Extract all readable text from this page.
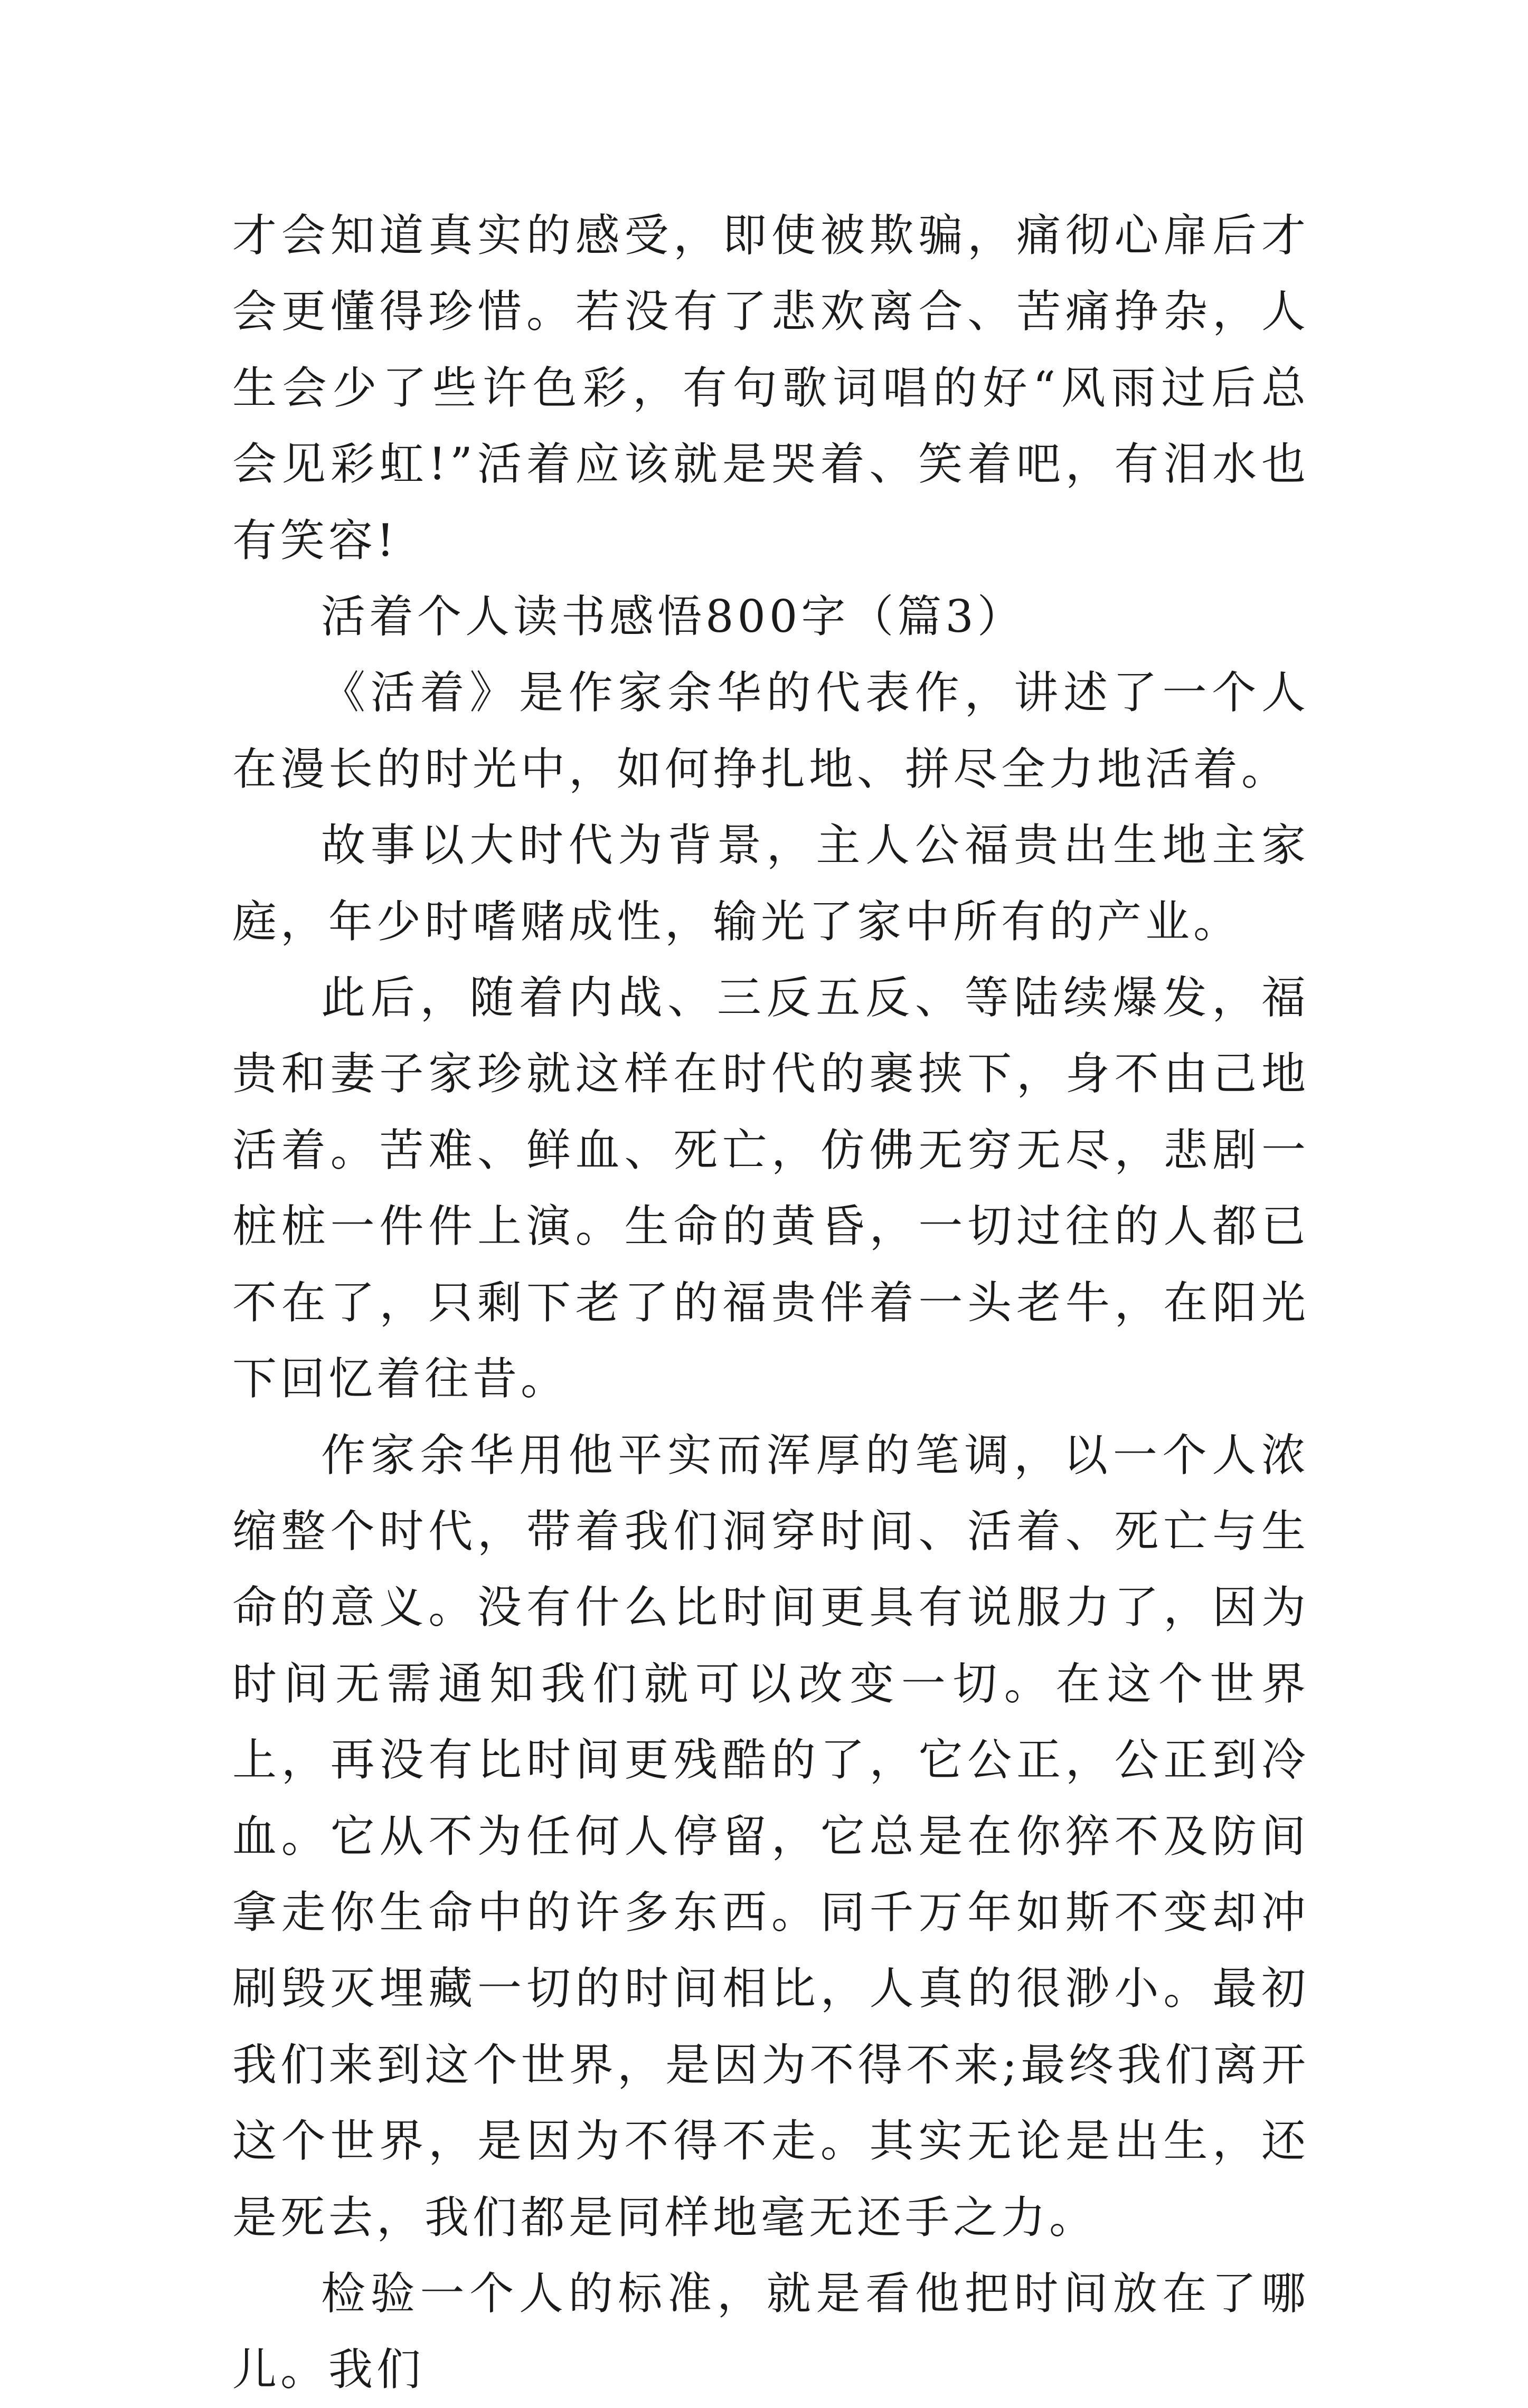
才会知道真实的感受，即使被欺骗，痛彻心扉后才会更懂得珍惜。若没有了悲欢离合、苦痛挣杂，人生会少了些许色彩，有句歌词唱的好“风雨过后总会见彩虹!”活着应该就是哭着、笑着吧，有泪水也有笑容!

活着个人读书感悟800字（篇3）

《活着》是作家余华的代表作，讲述了一个人在漫长的时光中，如何挣扎地、拼尽全力地活着。

故事以大时代为背景，主人公福贵出生地主家庭，年少时嗜赌成性，输光了家中所有的产业。

此后，随着内战、三反五反、等陆续爆发，福贵和妻子家珍就这样在时代的裹挟下，身不由己地活着。苦难、鲜血、死亡，仿佛无穷无尽，悲剧一桩桩一件件上演。生命的黄昏，一切过往的人都已不在了，只剩下老了的福贵伴着一头老牛，在阳光下回忆着往昔。

作家余华用他平实而浑厚的笔调，以一个人浓缩整个时代，带着我们洞穿时间、活着、死亡与生命的意义。没有什么比时间更具有说服力了，因为时间无需通知我们就可以改变一切。在这个世界上，再没有比时间更残酷的了，它公正，公正到冷血。它从不为任何人停留，它总是在你猝不及防间拿走你生命中的许多东西。同千万年如斯不变却冲刷毁灭埋藏一切的时间相比，人真的很渺小。最初我们来到这个世界，是因为不得不来;最终我们离开这个世界，是因为不得不走。其实无论是出生，还是死去，我们都是同样地毫无还手之力。

检验一个人的标准，就是看他把时间放在了哪儿。我们
